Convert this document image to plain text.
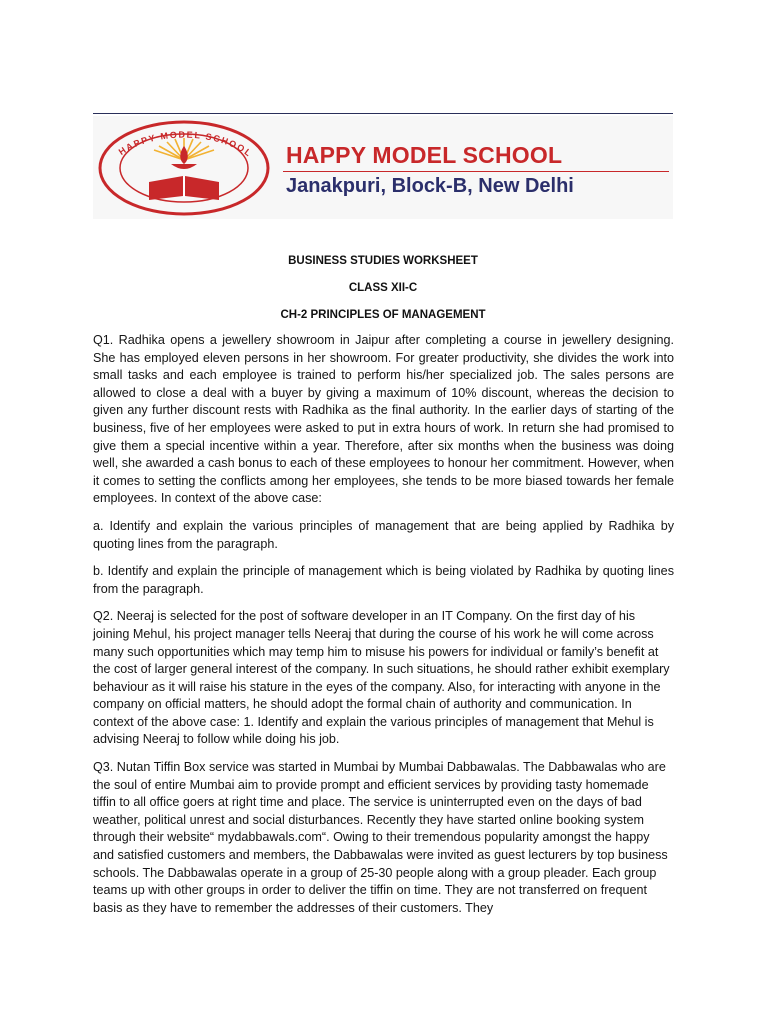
HAPPY MODEL SCHOOL HAPPY MODEL SCHOOL
Janakpuri, Block-B, New Delhi
BUSINESS STUDIES WORKSHEET
CLASS XII-C
CH-2 PRINCIPLES OF MANAGEMENT

Q1. Radhika opens a jewellery showroom in Jaipur after completing a course in jewellery designing. She has employed eleven persons in her showroom. For greater productivity, she divides the work into small tasks and each employee is trained to perform his/her specialized job. The sales persons are allowed to close a deal with a buyer by giving a maximum of 10% discount, whereas the decision to given any further discount rests with Radhika as the final authority. In the earlier days of starting of the business, five of her employees were asked to put in extra hours of work. In return she had promised to give them a special incentive within a year. Therefore, after six months when the business was doing well, she awarded a cash bonus to each of these employees to honour her commitment. However, when it comes to setting the conflicts among her employees, she tends to be more biased towards her female employees. In context of the above case:

a. Identify and explain the various principles of management that are being applied by Radhika by quoting lines from the paragraph.

b. Identify and explain the principle of management which is being violated by Radhika by quoting lines from the paragraph.

Q2. Neeraj is selected for the post of software developer in an IT Company. On the first day of his joining Mehul, his project manager tells Neeraj that during the course of his work he will come across many such opportunities which may temp him to misuse his powers for individual or family’s benefit at the cost of larger general interest of the company. In such situations, he should rather exhibit exemplary behaviour as it will raise his stature in the eyes of the company. Also, for interacting with anyone in the company on official matters, he should adopt the formal chain of authority and communication. In context of the above case: 1. Identify and explain the various principles of management that Mehul is advising Neeraj to follow while doing his job.

Q3. Nutan Tiffin Box service was started in Mumbai by Mumbai Dabbawalas. The Dabbawalas who are the soul of entire Mumbai aim to provide prompt and efficient services by providing tasty homemade tiffin to all office goers at right time and place. The service is uninterrupted even on the days of bad weather, political unrest and social disturbances. Recently they have started online booking system through their website“ mydabbawals.com“. Owing to their tremendous popularity amongst the happy and satisfied customers and members, the Dabbawalas were invited as guest lecturers by top business schools. The Dabbawalas operate in a group of 25-30 people along with a group pleader. Each group teams up with other groups in order to deliver the tiffin on time. They are not transferred on frequent basis as they have to remember the addresses of their customers. They
